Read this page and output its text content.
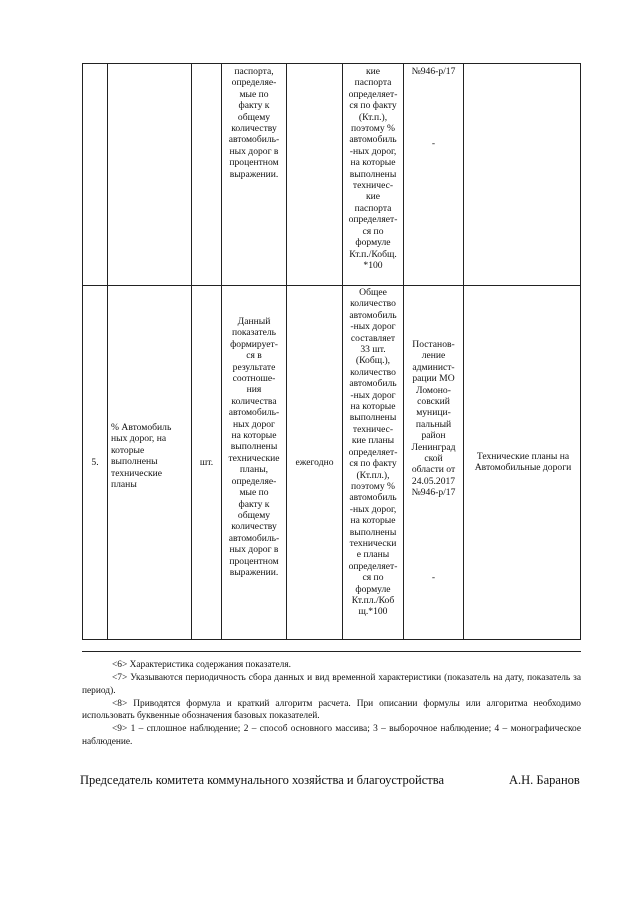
паспорта,
определяе-
мые по
факту к
общему
количеству
автомобиль-
ных дорог в
процентном
выражении.
кие
паспорта
определяет-
ся по факту
(Кт.п.),
поэтому %
автомобиль
-ных дорог,
на которые
выполнены
техничес-
кие
паспорта
определяет-
ся по
формуле
Кт.п./Кобщ.
*100
№946-р/17
-
5.
% Автомобиль
ных дорог, на
которые
выполнены
технические
планы
шт.
Данный
показатель
формирует-
ся в
результате
соотноше-
ния
количества
автомобиль-
ных дорог
на которые
выполнены
технические
планы,
определяе-
мые по
факту к
общему
количеству
автомобиль-
ных дорог в
процентном
выражении.
ежегодно
Общее
количество
автомобиль
-ных дорог
составляет
33 шт.
(Кобщ.),
количество
автомобиль
-ных дорог
на которые
выполнены
техничес-
кие планы
определяет-
ся по факту
(Кт.пл.),
поэтому %
автомобиль
-ных дорог,
на которые
выполнены
технически
е планы
определяет-
ся по
формуле
Кт.пл./Коб
щ.*100
Постанов-
ление
админист-
рации МО
Ломоно-
совский
муници-
пальный
район
Ленинград
ской
области от
24.05.2017
№946-р/17
-
Технические планы на
Автомобильные дороги

<6> Характеристика содержания показателя.

<7> Указываются периодичность сбора данных и вид временной характеристики (показатель на дату, показатель за период).

<8> Приводятся формула и краткий алгоритм расчета. При описании формулы или алгоритма необходимо использовать буквенные обозначения базовых показателей.

<9> 1 – сплошное наблюдение; 2 – способ основного массива; 3 – выборочное наблюдение; 4 – монографическое наблюдение.

Председатель комитета коммунального хозяйства и благоустройства	А.Н. Баранов
